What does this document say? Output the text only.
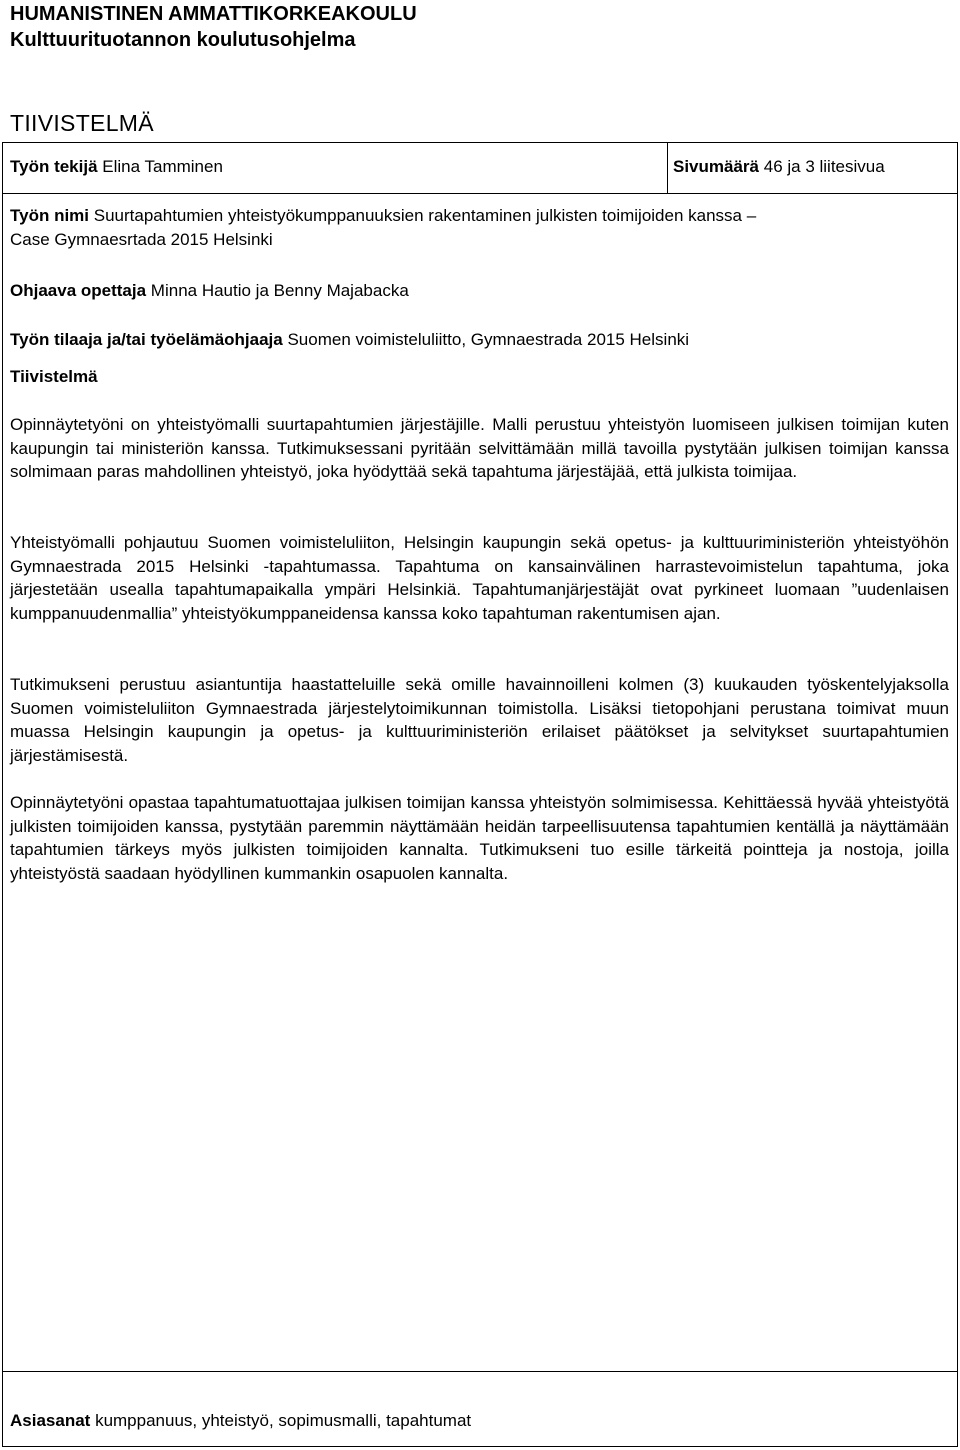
HUMANISTINEN AMMATTIKORKEAKOULU
Kulttuurituotannon koulutusohjelma
TIIVISTELMÄ
Työn tekijä Elina Tamminen	Sivumäärä 46 ja 3 liitesivua
Työn nimi Suurtapahtumien yhteistyökumppanuuksien rakentaminen julkisten toimijoiden kanssa –
Case Gymnaesrtada 2015 Helsinki
Ohjaava opettaja Minna Hautio ja Benny Majabacka
Työn tilaaja ja/tai työelämäohjaaja Suomen voimisteluliitto, Gymnaestrada 2015 Helsinki
Tiivistelmä
Opinnäytetyöni on yhteistyömalli suurtapahtumien järjestäjille. Malli perustuu yhteistyön luomiseen julkisen toimijan kuten kaupungin tai ministeriön kanssa. Tutkimuksessani pyritään selvittämään millä tavoilla pystytään julkisen toimijan kanssa solmimaan paras mahdollinen yhteistyö, joka hyödyttää sekä tapahtuma järjestäjää, että julkista toimijaa.
Yhteistyömalli pohjautuu Suomen voimisteluliiton, Helsingin kaupungin sekä opetus- ja kulttuuriministeriön yhteistyöhön Gymnaestrada 2015 Helsinki -tapahtumassa. Tapahtuma on kansainvälinen harrastevoimistelun tapahtuma, joka järjestetään usealla tapahtumapaikalla ympäri Helsinkiä. Tapahtumanjärjestäjät ovat pyrkineet luomaan ”uudenlaisen kumppanuudenmallia” yhteistyökumppaneidensa kanssa koko tapahtuman rakentumisen ajan.
Tutkimukseni perustuu asiantuntija haastatteluille sekä omille havainnoilleni kolmen (3) kuukauden työskentelyjaksolla Suomen voimisteluliiton Gymnaestrada järjestelytoimikunnan toimistolla. Lisäksi tietopohjani perustana toimivat muun muassa Helsingin kaupungin ja opetus- ja kulttuuriministeriön erilaiset päätökset ja selvitykset suurtapahtumien järjestämisestä.
Opinnäytetyöni opastaa tapahtumatuottajaa julkisen toimijan kanssa yhteistyön solmimisessa. Kehittäessä hyvää yhteistyötä julkisten toimijoiden kanssa, pystytään paremmin näyttämään heidän tarpeellisuutensa tapahtumien kentällä ja näyttämään tapahtumien tärkeys myös julkisten toimijoiden kannalta. Tutkimukseni tuo esille tärkeitä pointteja ja nostoja, joilla yhteistyöstä saadaan hyödyllinen kummankin osapuolen kannalta.
Asiasanat kumppanuus, yhteistyö, sopimusmalli, tapahtumat
